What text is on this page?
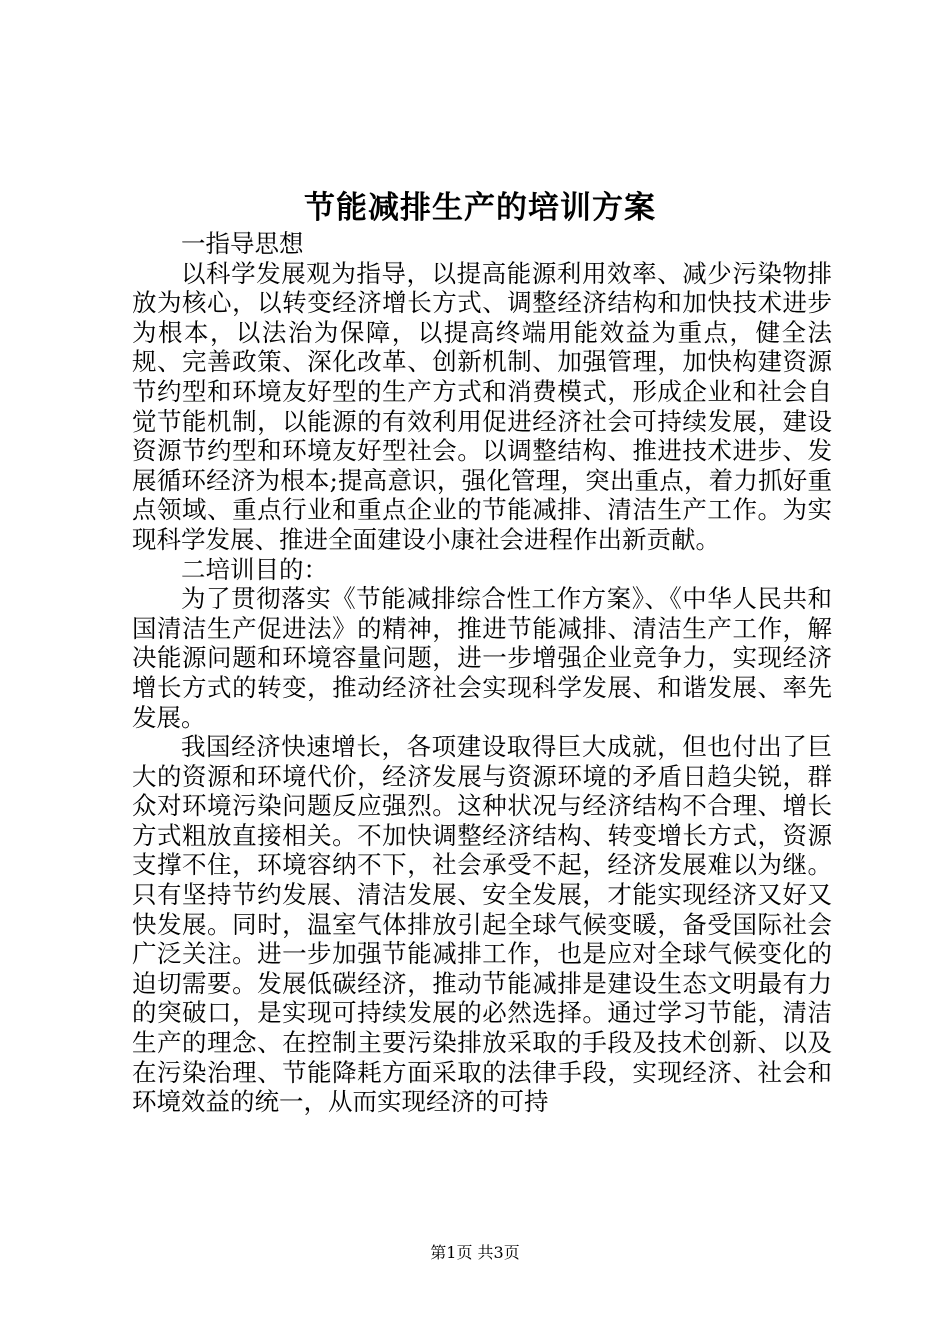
节能减排生产的培训方案

一指导思想

以科学发展观为指导，以提高能源利用效率、减少污染物排放为核心，以转变经济增长方式、调整经济结构和加快技术进步为根本，以法治为保障，以提高终端用能效益为重点，健全法规、完善政策、深化改革、创新机制、加强管理，加快构建资源节约型和环境友好型的生产方式和消费模式，形成企业和社会自觉节能机制，以能源的有效利用促进经济社会可持续发展，建设资源节约型和环境友好型社会。以调整结构、推进技术进步、发展循环经济为根本;提高意识，强化管理，突出重点，着力抓好重点领域、重点行业和重点企业的节能减排、清洁生产工作。为实现科学发展、推进全面建设小康社会进程作出新贡献。

二培训目的：

为了贯彻落实《节能减排综合性工作方案》、《中华人民共和国清洁生产促进法》的精神，推进节能减排、清洁生产工作，解决能源问题和环境容量问题，进一步增强企业竞争力，实现经济增长方式的转变，推动经济社会实现科学发展、和谐发展、率先发展。

我国经济快速增长，各项建设取得巨大成就，但也付出了巨大的资源和环境代价，经济发展与资源环境的矛盾日趋尖锐，群众对环境污染问题反应强烈。这种状况与经济结构不合理、增长方式粗放直接相关。不加快调整经济结构、转变增长方式，资源支撑不住，环境容纳不下，社会承受不起，经济发展难以为继。只有坚持节约发展、清洁发展、安全发展，才能实现经济又好又快发展。同时，温室气体排放引起全球气候变暖，备受国际社会广泛关注。进一步加强节能减排工作，也是应对全球气候变化的迫切需要。发展低碳经济，推动节能减排是建设生态文明最有力的突破口，是实现可持续发展的必然选择。通过学习节能，清洁生产的理念、在控制主要污染排放采取的手段及技术创新、以及在污染治理、节能降耗方面采取的法律手段，实现经济、社会和环境效益的统一，从而实现经济的可持

第1页 共3页
